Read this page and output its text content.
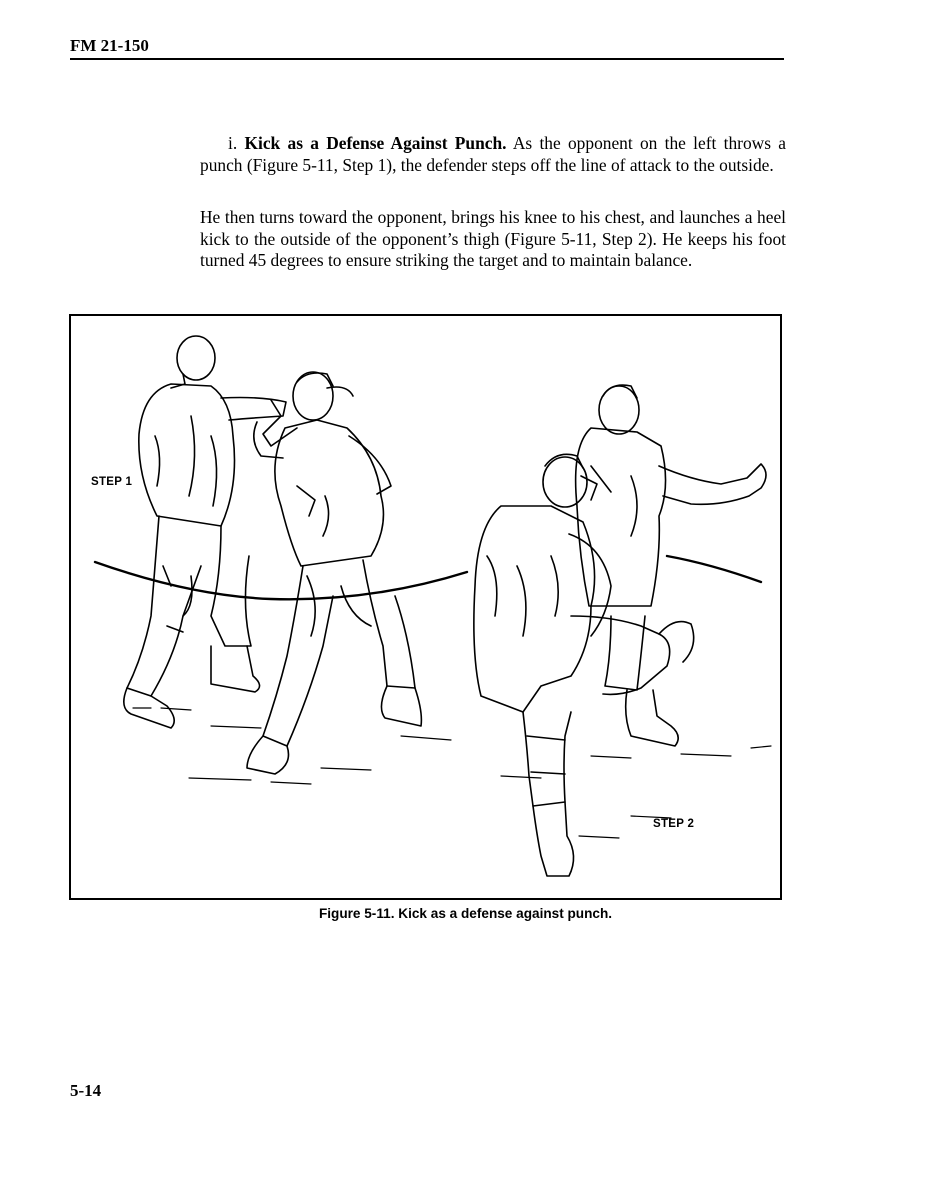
FM 21-150

i. Kick as a Defense Against Punch. As the opponent on the left throws a punch (Figure 5-11, Step 1), the defender steps off the line of attack to the outside.

He then turns toward the opponent, brings his knee to his chest, and launches a heel kick to the outside of the opponent’s thigh (Figure 5-11, Step 2). He keeps his foot turned 45 degrees to ensure striking the target and to maintain balance.

STEP 1
STEP 2
Figure 5-11. Kick as a defense against punch.
5-14
